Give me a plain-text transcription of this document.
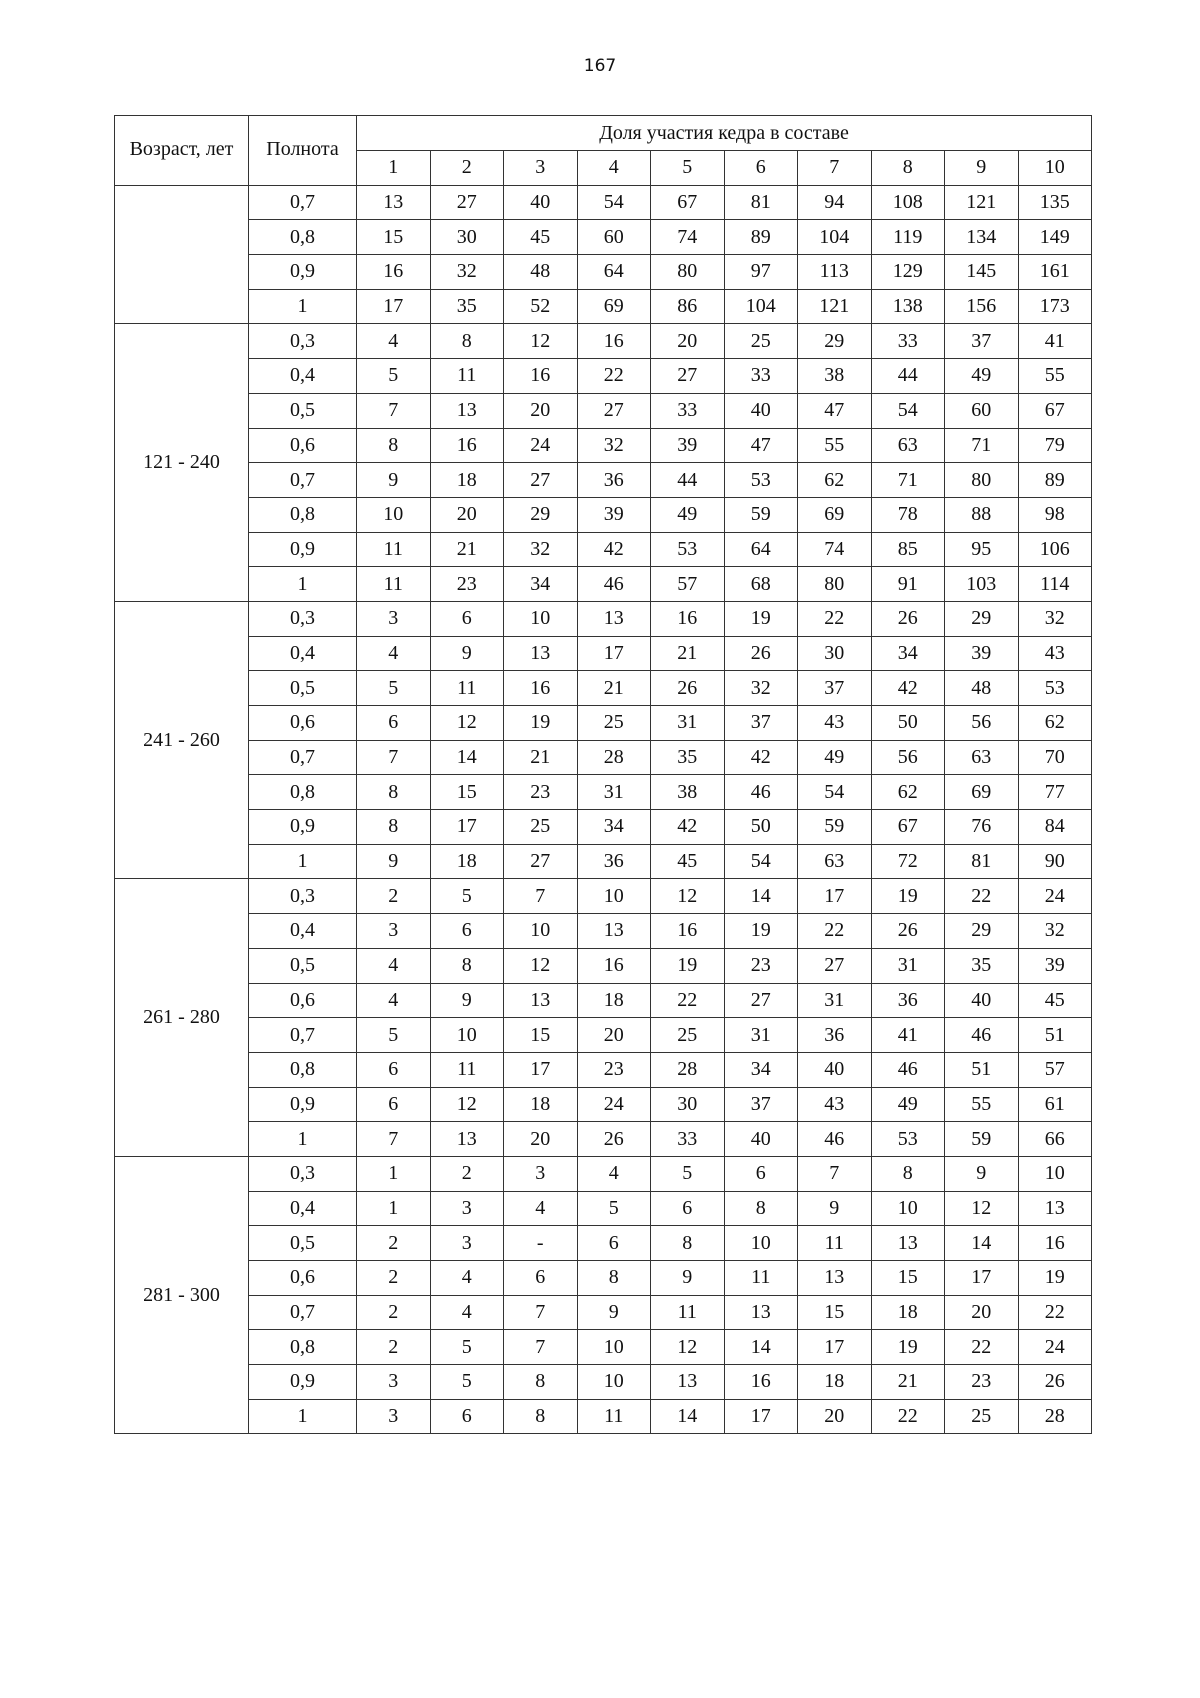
167
Возраст, лет	Полнота	Доля участия кедра в составе									
		1	2	3	4	5	6	7	8	9	10
	0,7	13	27	40	54	67	81	94	108	121	135
	0,8	15	30	45	60	74	89	104	119	134	149
	0,9	16	32	48	64	80	97	113	129	145	161
	1	17	35	52	69	86	104	121	138	156	173
121 - 240	0,3	4	8	12	16	20	25	29	33	37	41
	0,4	5	11	16	22	27	33	38	44	49	55
	0,5	7	13	20	27	33	40	47	54	60	67
	0,6	8	16	24	32	39	47	55	63	71	79
	0,7	9	18	27	36	44	53	62	71	80	89
	0,8	10	20	29	39	49	59	69	78	88	98
	0,9	11	21	32	42	53	64	74	85	95	106
	1	11	23	34	46	57	68	80	91	103	114
241 - 260	0,3	3	6	10	13	16	19	22	26	29	32
	0,4	4	9	13	17	21	26	30	34	39	43
	0,5	5	11	16	21	26	32	37	42	48	53
	0,6	6	12	19	25	31	37	43	50	56	62
	0,7	7	14	21	28	35	42	49	56	63	70
	0,8	8	15	23	31	38	46	54	62	69	77
	0,9	8	17	25	34	42	50	59	67	76	84
	1	9	18	27	36	45	54	63	72	81	90
261 - 280	0,3	2	5	7	10	12	14	17	19	22	24
	0,4	3	6	10	13	16	19	22	26	29	32
	0,5	4	8	12	16	19	23	27	31	35	39
	0,6	4	9	13	18	22	27	31	36	40	45
	0,7	5	10	15	20	25	31	36	41	46	51
	0,8	6	11	17	23	28	34	40	46	51	57
	0,9	6	12	18	24	30	37	43	49	55	61
	1	7	13	20	26	33	40	46	53	59	66
281 - 300	0,3	1	2	3	4	5	6	7	8	9	10
	0,4	1	3	4	5	6	8	9	10	12	13
	0,5	2	3	-	6	8	10	11	13	14	16
	0,6	2	4	6	8	9	11	13	15	17	19
	0,7	2	4	7	9	11	13	15	18	20	22
	0,8	2	5	7	10	12	14	17	19	22	24
	0,9	3	5	8	10	13	16	18	21	23	26
	1	3	6	8	11	14	17	20	22	25	28
